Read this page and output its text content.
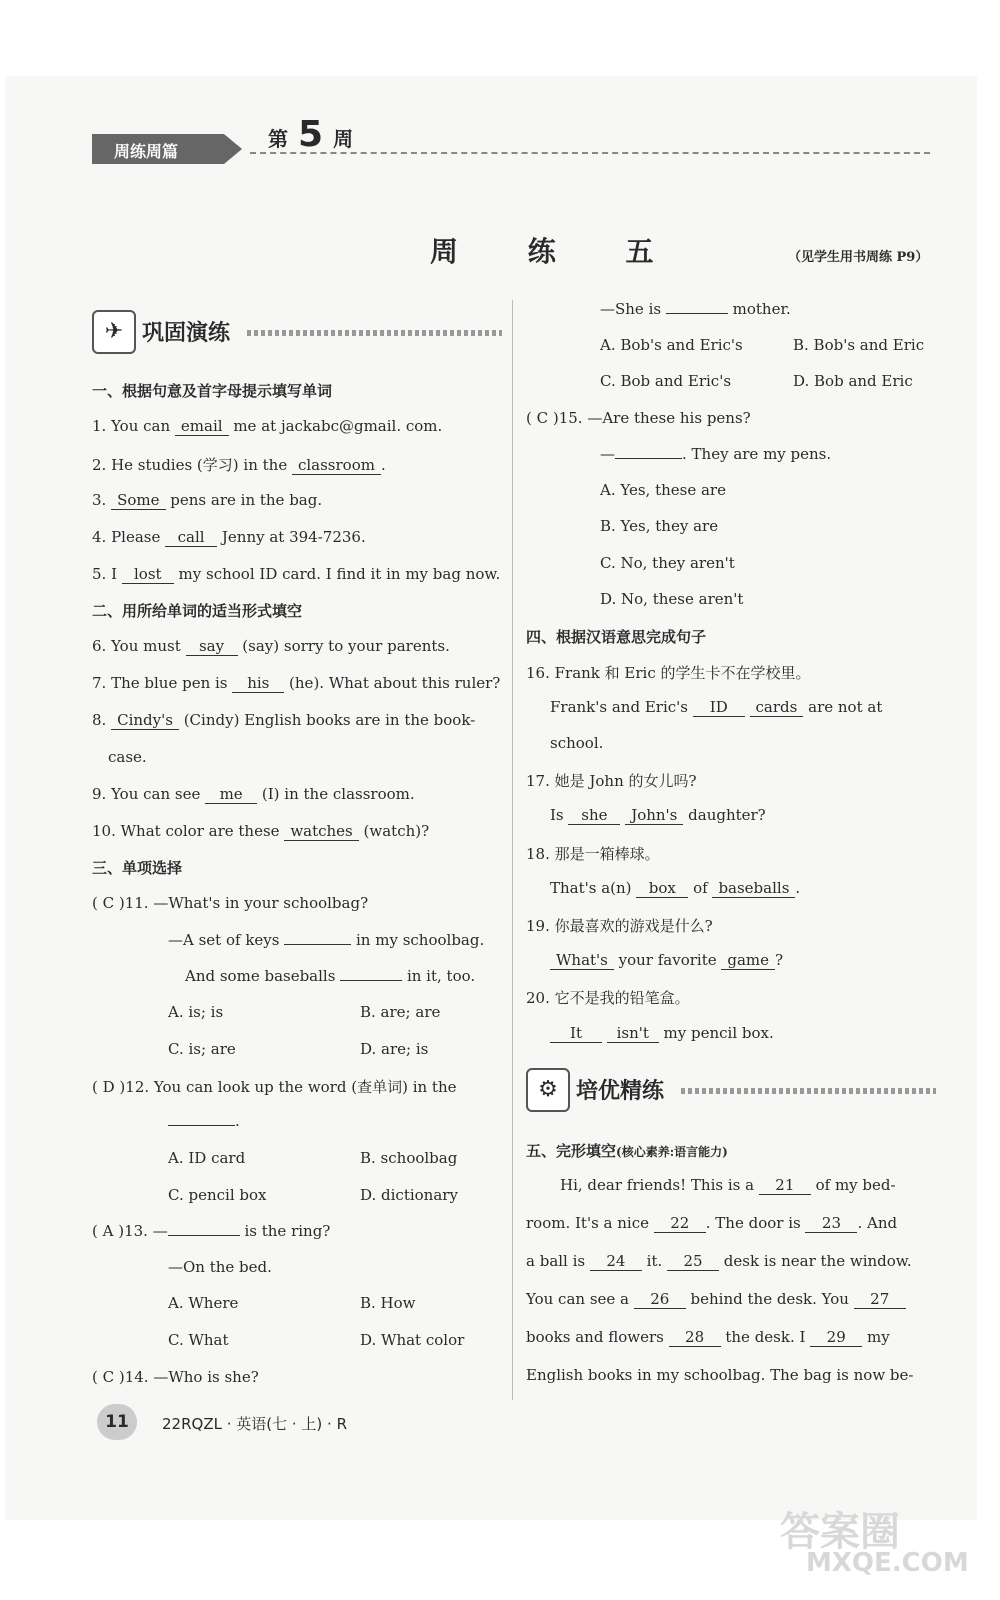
周练周篇
第 5 周
周 练 五	（见学生用书周练 P9）
✈ 巩固演练
一、根据句意及首字母提示填写单词
1. You can email me at jackabc@gmail. com.
2. He studies (学习) in the classroom .
3. Some pens are in the bag.
4. Please call Jenny at 394-7236.
5. I lost my school ID card. I find it in my bag now.
二、用所给单词的适当形式填空
6. You must say (say) sorry to your parents.
7. The blue pen is his (he). What about this ruler?
8. Cindy's (Cindy) English books are in the book-
case.
9. You can see me (I) in the classroom.
10. What color are these watches (watch)?
三、单项选择
( C )11. —What's in your schoolbag?
—A set of keys	in my schoolbag.
And some baseballs	in it, too.
A. is; is	B. are; are
C. is; are	D. are; is
( D )12. You can look up the word (查单词) in the
.
A. ID card	B. schoolbag
C. pencil box	D. dictionary
( A )13. —	is the ring?
—On the bed.
A. Where	B. How
C. What	D. What color
( C )14. —Who is she?
—She is	mother.
A. Bob's and Eric's	B. Bob's and Eric
C. Bob and Eric's	D. Bob and Eric
( C )15. —Are these his pens?
—	. They are my pens.
A. Yes, these are
B. Yes, they are
C. No, they aren't
D. No, these aren't
四、根据汉语意思完成句子
16. Frank 和 Eric 的学生卡不在学校里。
Frank's and Eric's ID cards are not at
school.
17. 她是 John 的女儿吗?
Is she John's daughter?
18. 那是一箱棒球。
That's a(n) box of baseballs .
19. 你最喜欢的游戏是什么?
What's your favorite game ?
20. 它不是我的铅笔盒。
It isn't my pencil box.
⚙ 培优精练
五、完形填空(核心素养:语言能力)
Hi, dear friends! This is a 21 of my bed-
room. It's a nice 22 . The door is 23 . And
a ball is 24 it. 25 desk is near the window.
You can see a 26 behind the desk. You 27
books and flowers 28 the desk. I 29 my
English books in my schoolbag. The bag is now be-
11	22RQZL · 英语(七 · 上) · R
答案圈
MXQE.COM
